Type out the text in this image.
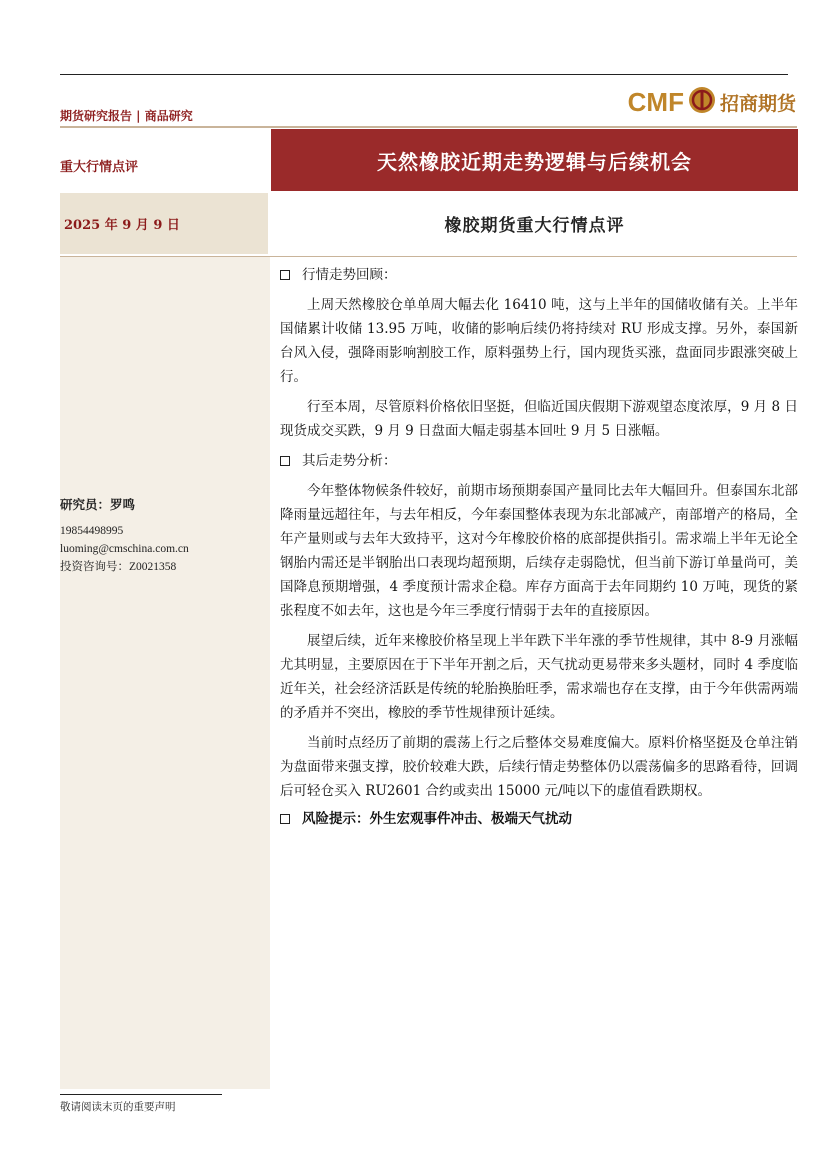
期货研究报告 | 商品研究	CMF 招商期货
天然橡胶近期走势逻辑与后续机会
重大行情点评
2025 年 9 月 9 日	橡胶期货重大行情点评
研究员：罗鸣
19854498995
luoming@cmschina.com.cn
投资咨询号：Z0021358
行情走势回顾：

上周天然橡胶仓单单周大幅去化 16410 吨，这与上半年的国储收储有关。上半年国储累计收储 13.95 万吨，收储的影响后续仍将持续对 RU 形成支撑。另外，泰国新台风入侵，强降雨影响割胶工作，原料强势上行，国内现货买涨，盘面同步跟涨突破上行。

行至本周，尽管原料价格依旧坚挺，但临近国庆假期下游观望态度浓厚，9 月 8 日现货成交买跌，9 月 9 日盘面大幅走弱基本回吐 9 月 5 日涨幅。

其后走势分析：

今年整体物候条件较好，前期市场预期泰国产量同比去年大幅回升。但泰国东北部降雨量远超往年，与去年相反，今年泰国整体表现为东北部减产，南部增产的格局，全年产量则或与去年大致持平，这对今年橡胶价格的底部提供指引。需求端上半年无论全钢胎内需还是半钢胎出口表现均超预期，后续存走弱隐忧，但当前下游订单量尚可，美国降息预期增强，4 季度预计需求企稳。库存方面高于去年同期约 10 万吨，现货的紧张程度不如去年，这也是今年三季度行情弱于去年的直接原因。

展望后续，近年来橡胶价格呈现上半年跌下半年涨的季节性规律，其中 8-9 月涨幅尤其明显，主要原因在于下半年开割之后，天气扰动更易带来多头题材，同时 4 季度临近年关，社会经济活跃是传统的轮胎换胎旺季，需求端也存在支撑，由于今年供需两端的矛盾并不突出，橡胶的季节性规律预计延续。

当前时点经历了前期的震荡上行之后整体交易难度偏大。原料价格坚挺及仓单注销为盘面带来强支撑，胶价较难大跌，后续行情走势整体仍以震荡偏多的思路看待，回调后可轻仓买入 RU2601 合约或卖出 15000 元/吨以下的虚值看跌期权。

风险提示：外生宏观事件冲击、极端天气扰动
敬请阅读末页的重要声明
